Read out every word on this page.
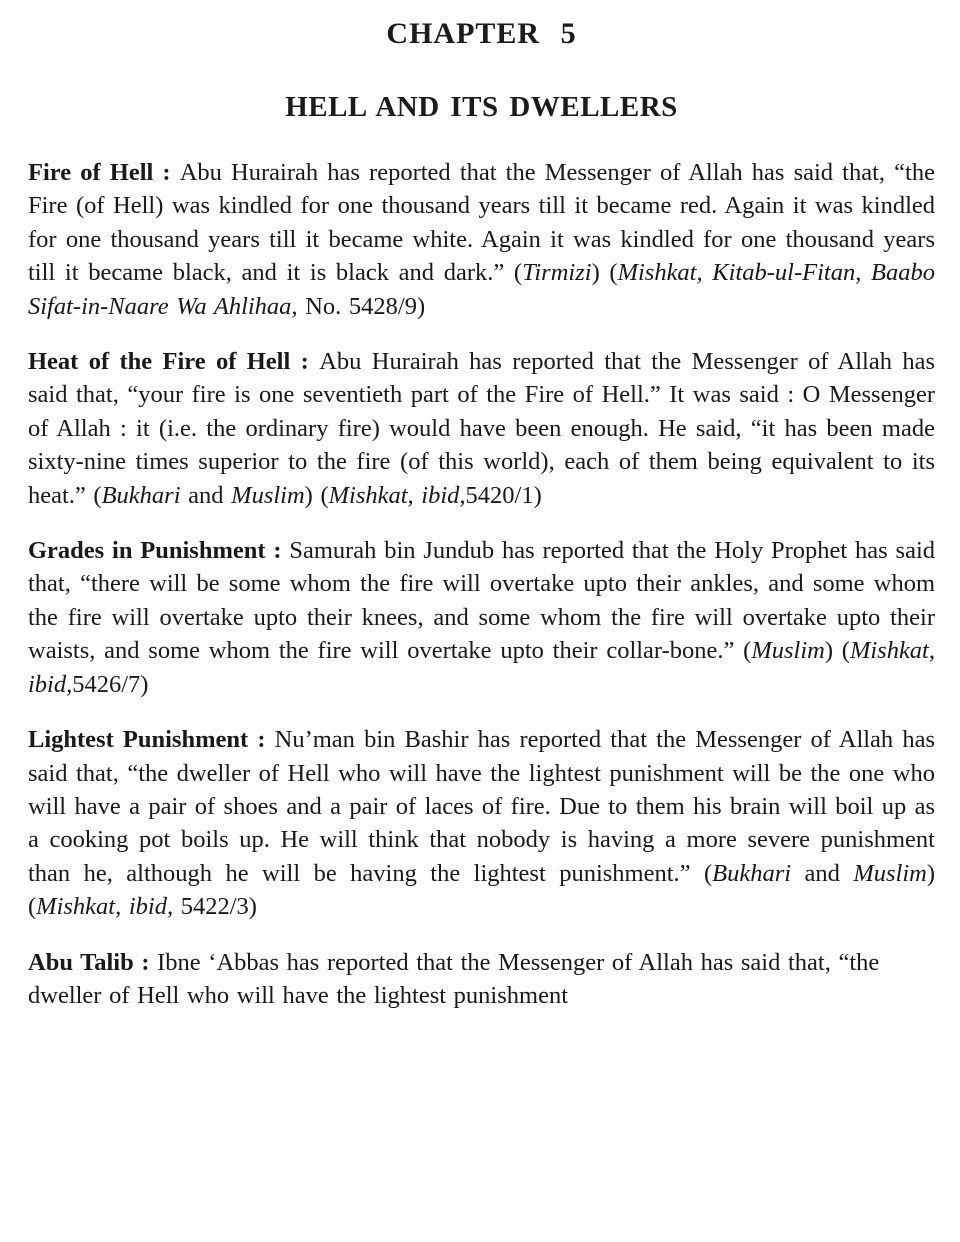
CHAPTER 5
HELL AND ITS DWELLERS

Fire of Hell : Abu Hurairah has reported that the Messenger of Allah has said that, “the Fire (of Hell) was kindled for one thousand years till it became red. Again it was kindled for one thousand years till it became white. Again it was kindled for one thousand years till it became black, and it is black and dark.” (Tirmizi) (Mishkat, Kitab-ul-Fitan, Baabo Sifat-in-Naare Wa Ahlihaa, No. 5428/9)

Heat of the Fire of Hell : Abu Hurairah has reported that the Messenger of Allah has said that, “your fire is one seventieth part of the Fire of Hell.” It was said : O Messenger of Allah : it (i.e. the ordinary fire) would have been enough. He said, “it has been made sixty-nine times superior to the fire (of this world), each of them being equivalent to its heat.” (Bukhari and Muslim) (Mishkat, ibid,5420/1)

Grades in Punishment : Samurah bin Jundub has reported that the Holy Prophet has said that, “there will be some whom the fire will overtake upto their ankles, and some whom the fire will overtake upto their knees, and some whom the fire will overtake upto their waists, and some whom the fire will overtake upto their collar-bone.” (Muslim) (Mishkat, ibid,5426/7)

Lightest Punishment : Nu’man bin Bashir has reported that the Messenger of Allah has said that, “the dweller of Hell who will have the lightest punishment will be the one who will have a pair of shoes and a pair of laces of fire. Due to them his brain will boil up as a cooking pot boils up. He will think that nobody is having a more severe punishment than he, although he will be having the lightest punishment.” (Bukhari and Muslim) (Mishkat, ibid, 5422/3)

Abu Talib : Ibne ‘Abbas has reported that the Messenger of Allah has said that, “the dweller of Hell who will have the lightest punishment
